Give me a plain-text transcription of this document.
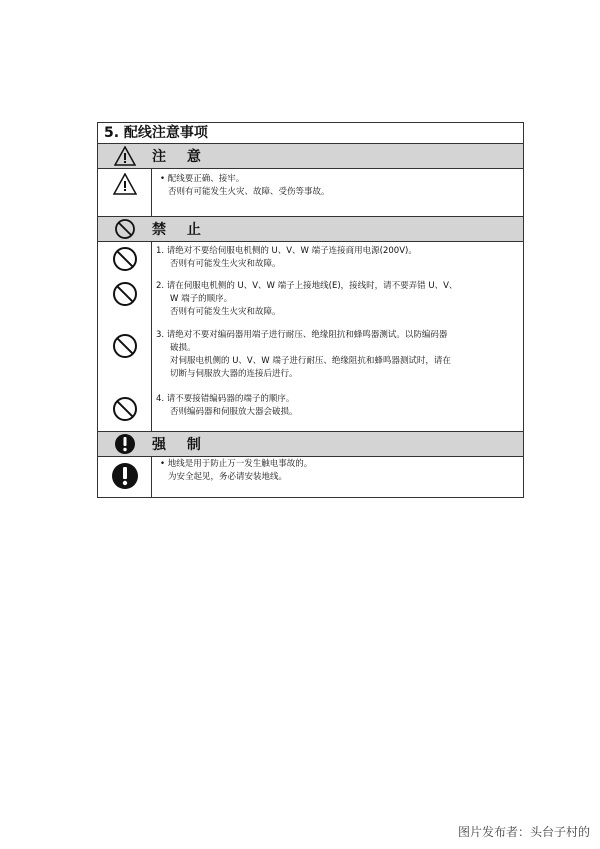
5. 配线注意事项
注 意
• 配线要正确、接牢。
否则有可能发生火灾、故障、受伤等事故。
禁 止
1. 请绝对不要给伺服电机侧的 U、V、W 端子连接商用电源(200V)。
否则有可能发生火灾和故障。
2. 请在伺服电机侧的 U、V、W 端子上接地线(E)，接线时，请不要弄错 U、V、
W 端子的顺序。
否则有可能发生火灾和故障。
3. 请绝对不要对编码器用端子进行耐压、绝缘阻抗和蜂鸣器测试。以防编码器
破损。
对伺服电机侧的 U、V、W 端子进行耐压、绝缘阻抗和蜂鸣器测试时，请在
切断与伺服放大器的连接后进行。
4. 请不要接错编码器的端子的顺序。
否则编码器和伺服放大器会破损。
强 制
• 地线是用于防止万一发生触电事故的。
为安全起见，务必请安装地线。
图片发布者：头台子村的
